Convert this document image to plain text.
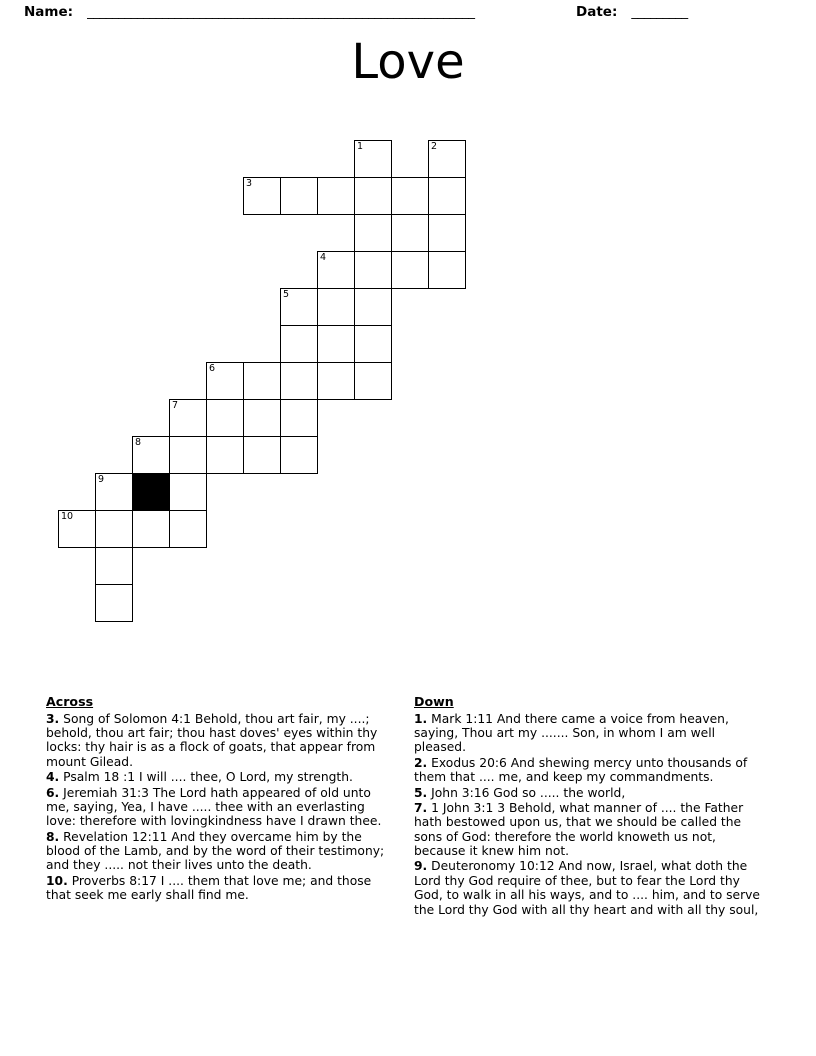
Name: ______________________________________________________________	Date: _________
Love
1	2
3
4
5
6
7
8
9
10
Across
3. Song of Solomon 4:1 Behold, thou art fair, my ....; behold, thou art fair; thou hast doves' eyes within thy locks: thy hair is as a flock of goats, that appear from mount Gilead.
4. Psalm 18 :1 I will .... thee, O Lord, my strength.
6. Jeremiah 31:3 The Lord hath appeared of old unto me, saying, Yea, I have ..... thee with an everlasting love: therefore with lovingkindness have I drawn thee.
8. Revelation 12:11 And they overcame him by the blood of the Lamb, and by the word of their testimony; and they ..... not their lives unto the death.
10. Proverbs 8:17 I .... them that love me; and those that seek me early shall find me.
Down
1. Mark 1:11 And there came a voice from heaven, saying, Thou art my ....... Son, in whom I am well pleased.
2. Exodus 20:6 And shewing mercy unto thousands of them that .... me, and keep my commandments.
5. John 3:16 God so ..... the world,
7. 1 John 3:1 3 Behold, what manner of .... the Father hath bestowed upon us, that we should be called the sons of God: therefore the world knoweth us not, because it knew him not.
9. Deuteronomy 10:12 And now, Israel, what doth the Lord thy God require of thee, but to fear the Lord thy God, to walk in all his ways, and to .... him, and to serve the Lord thy God with all thy heart and with all thy soul,
